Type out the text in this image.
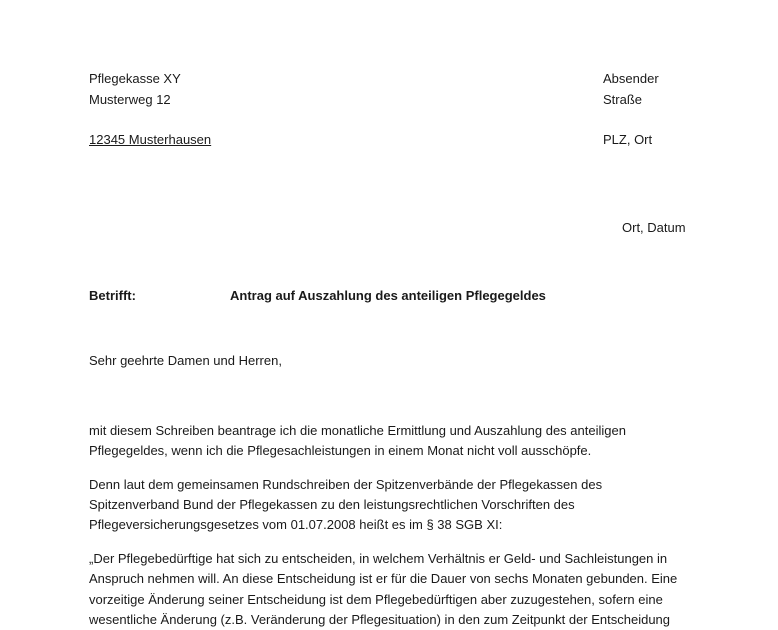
Pflegekasse XY
Musterweg 12
12345 Musterhausen
Absender
Straße
PLZ, Ort
Ort, Datum
Betrifft:	Antrag auf Auszahlung des anteiligen Pflegegeldes
Sehr geehrte Damen und Herren,
mit diesem Schreiben beantrage ich die monatliche Ermittlung und Auszahlung des anteiligen
Pflegegeldes, wenn ich die Pflegesachleistungen in einem Monat nicht voll ausschöpfe.
Denn laut dem gemeinsamen Rundschreiben der Spitzenverbände der Pflegekassen des
Spitzenverband Bund der Pflegekassen zu den leistungsrechtlichen Vorschriften des
Pflegeversicherungsgesetzes vom 01.07.2008 heißt es im § 38 SGB XI:
„Der Pflegebedürftige hat sich zu entscheiden, in welchem Verhältnis er Geld- und Sachleistungen in
Anspruch nehmen will. An diese Entscheidung ist er für die Dauer von sechs Monaten gebunden. Eine
vorzeitige Änderung seiner Entscheidung ist dem Pflegebedürftigen aber zuzugestehen, sofern eine
wesentliche Änderung (z.B. Veränderung der Pflegesituation) in den zum Zeitpunkt der Entscheidung
